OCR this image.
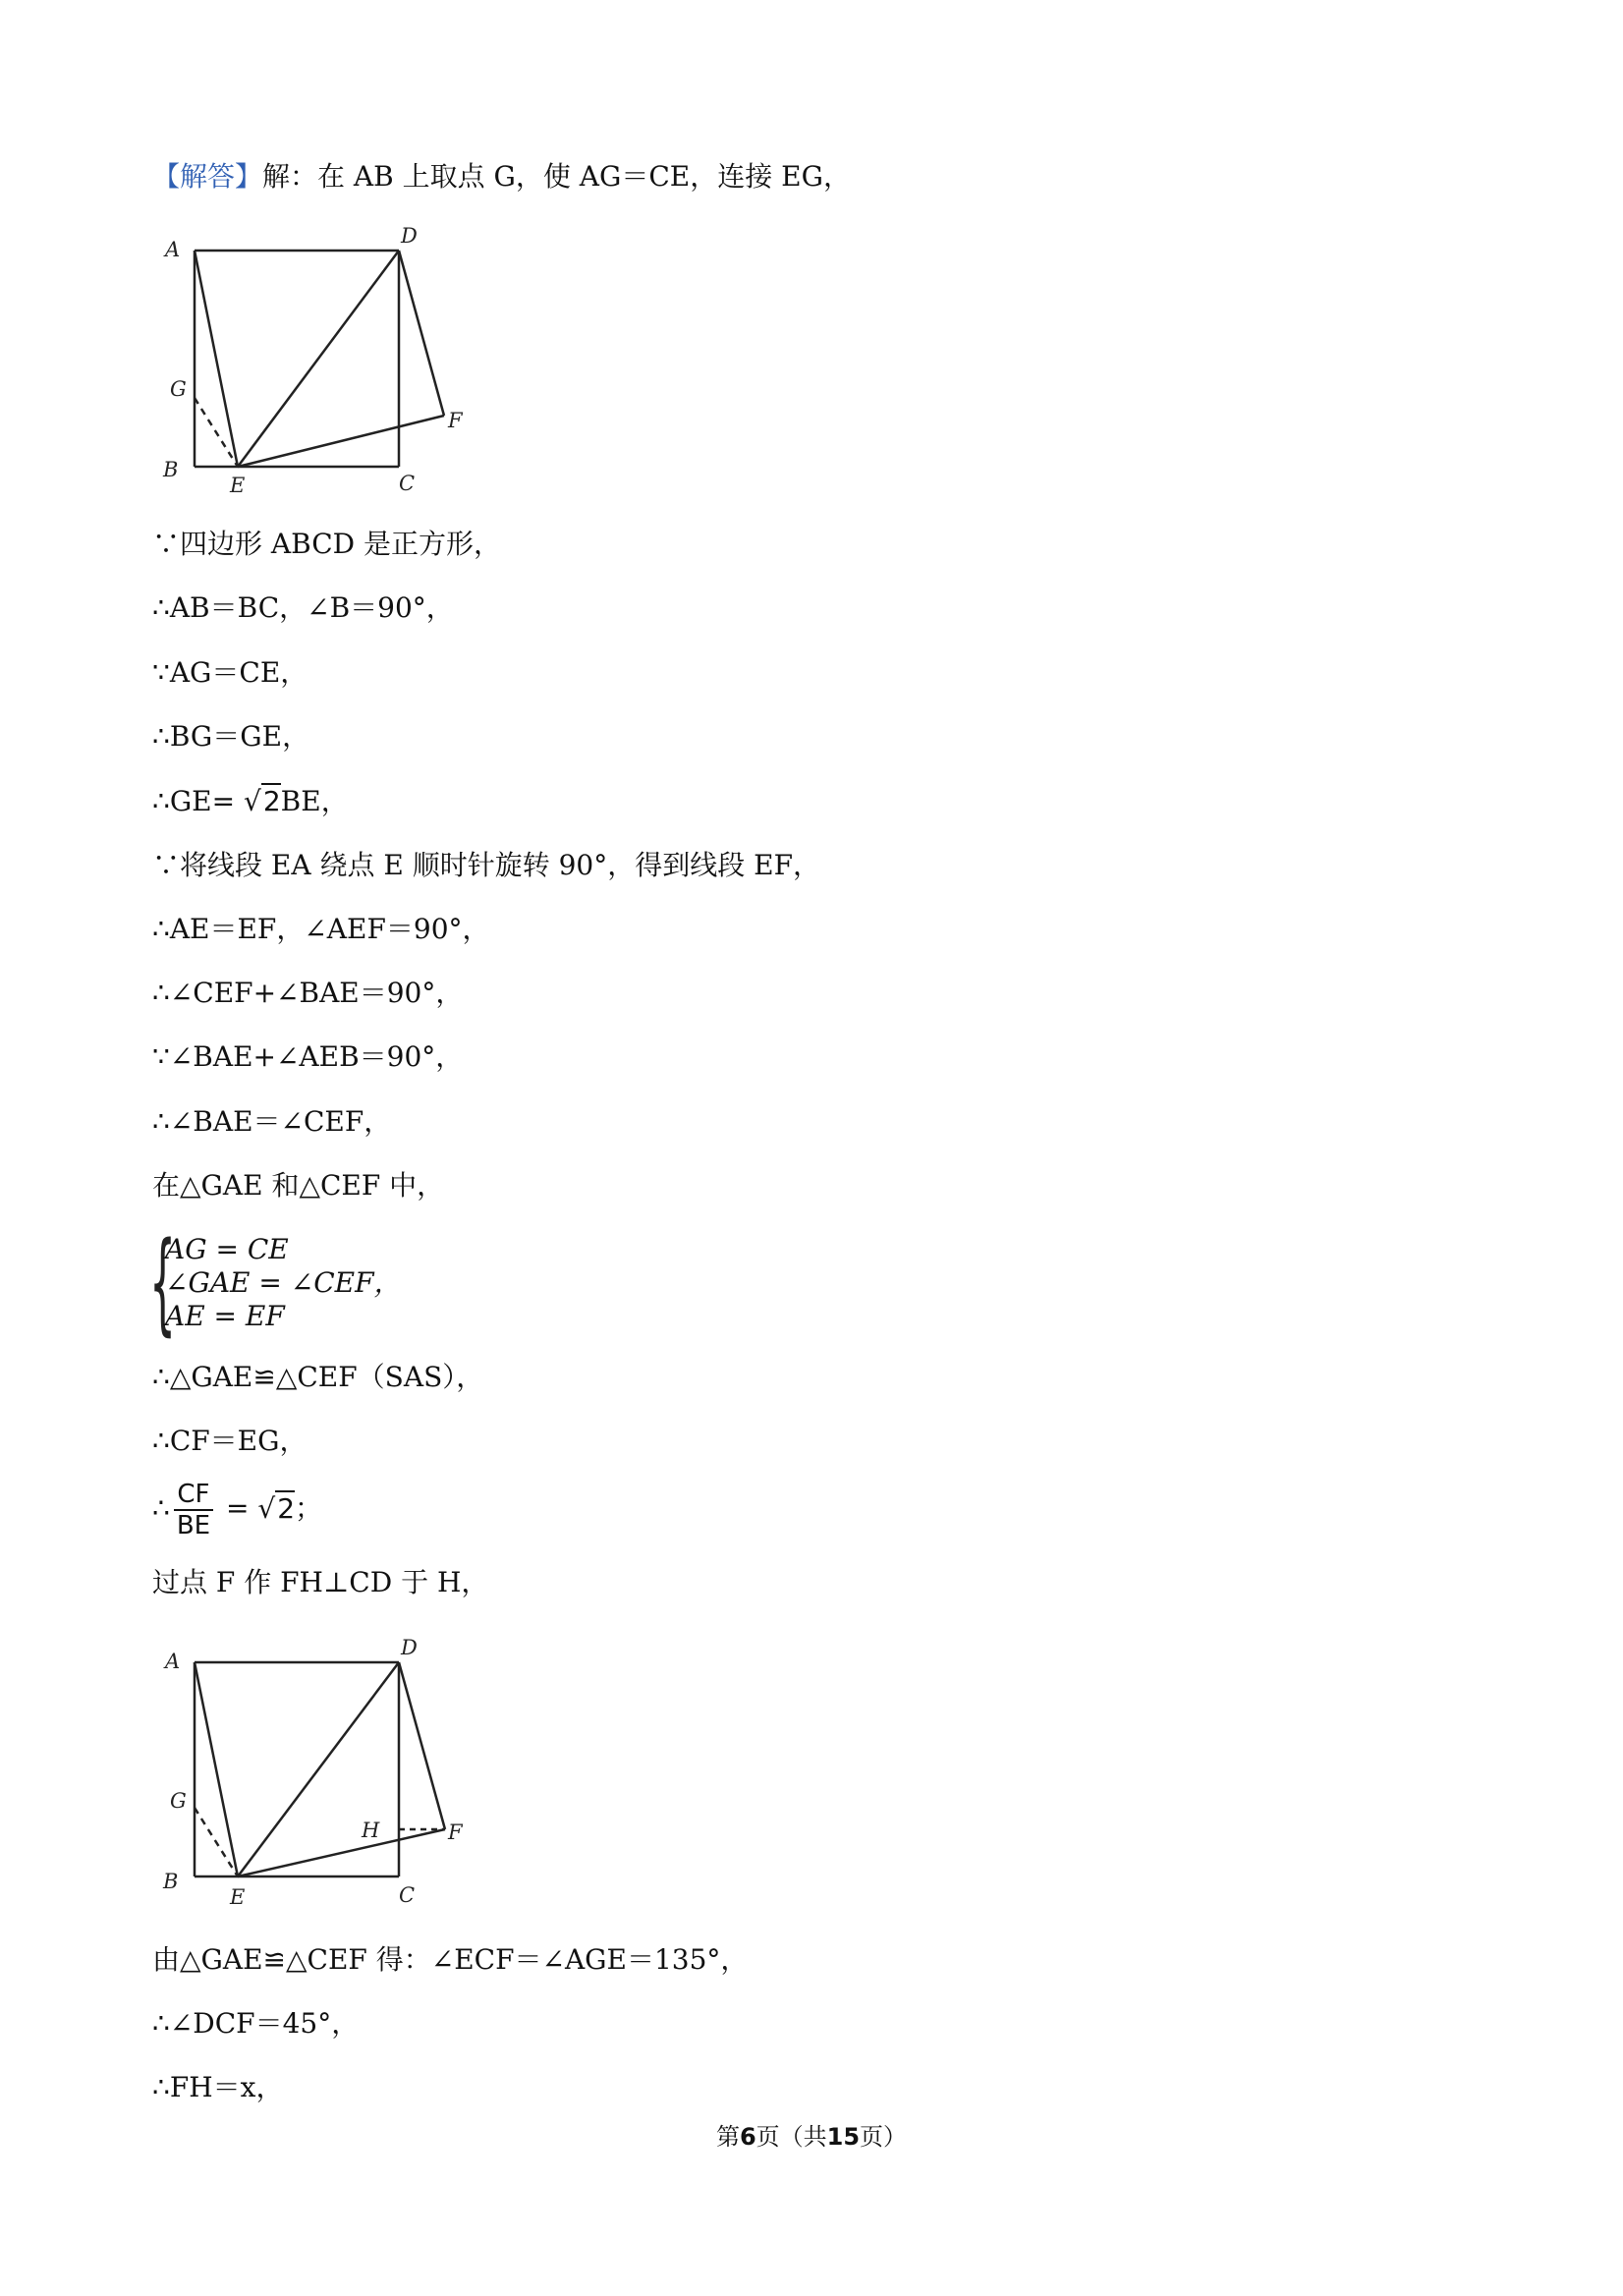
【解答】解：在 AB 上取点 G，使 AG＝CE，连接 EG，
A
D
G
F
B
E	C
∵四边形 ABCD 是正方形，
∴AB＝BC，∠B＝90°，
∵AG＝CE，
∴BG＝GE，
∴GE= √2BE，
∵将线段 EA 绕点 E 顺时针旋转 90°，得到线段 EF，
∴AE＝EF，∠AEF＝90°，
∴∠CEF+∠BAE＝90°，
∵∠BAE+∠AEB＝90°，
∴∠BAE＝∠CEF，
在△GAE 和△CEF 中，
{
AG = CE
∠GAE = ∠CEF，
AE = EF
∴△GAE≌△CEF（SAS），
∴CF＝EG，
∴ $\frac{CF}{BE} = √2$；
过点 F 作 FH⊥CD 于 H，
A
D
G
H	F
B
E	C
由△GAE≌△CEF 得：∠ECF＝∠AGE＝135°，
∴∠DCF＝45°，
∴FH＝x，
第6页（共15页）
